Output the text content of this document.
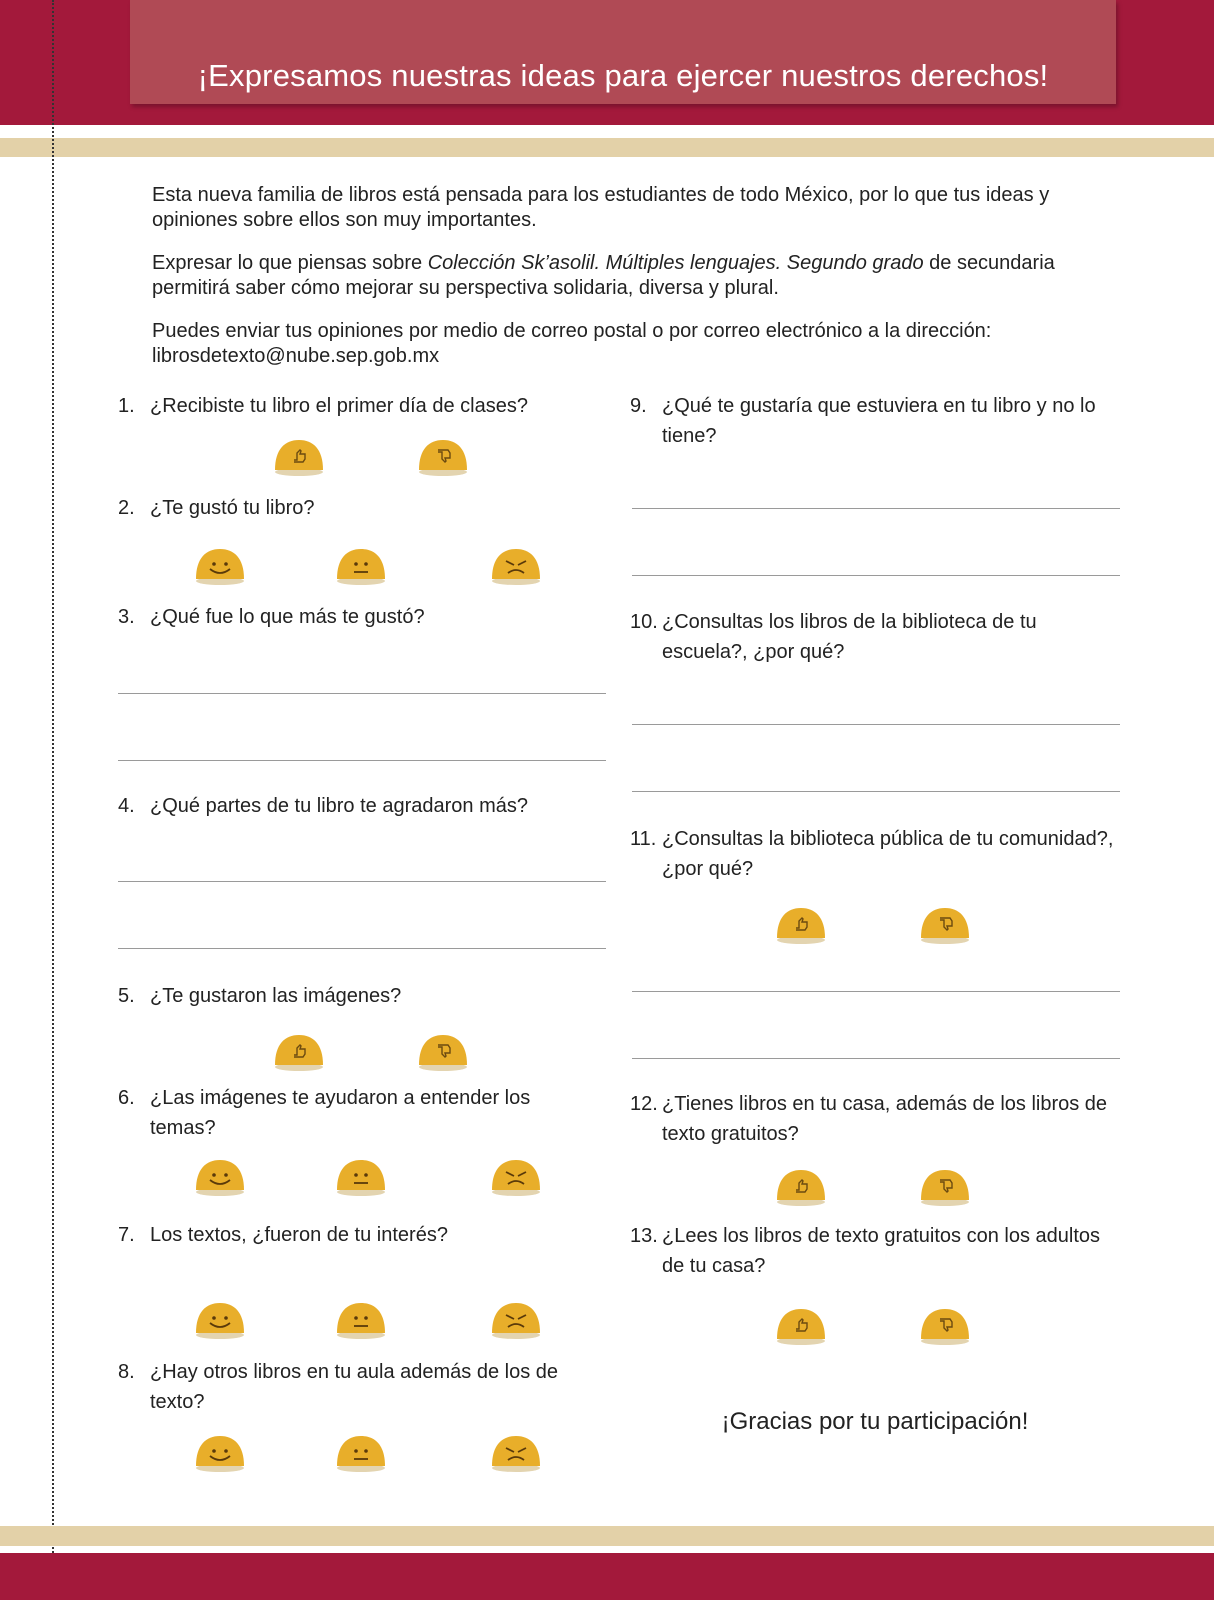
¡Expresamos nuestras ideas para ejercer nuestros derechos!

Esta nueva familia de libros está pensada para los estudiantes de todo México, por lo que tus ideas y opiniones sobre ellos son muy importantes.

Expresar lo que piensas sobre Colección Sk’asolil. Múltiples lenguajes. Segundo grado de secundaria permitirá saber cómo mejorar su perspectiva solidaria, diversa y plural.

Puedes enviar tus opiniones por medio de correo postal o por correo electrónico a la dirección: librosdetexto@nube.sep.gob.mx

1. ¿Recibiste tu libro el primer día de clases?
2. ¿Te gustó tu libro?
3. ¿Qué fue lo que más te gustó?
4. ¿Qué partes de tu libro te agradaron más?
5. ¿Te gustaron las imágenes?
6. ¿Las imágenes te ayudaron a entender los temas?
7. Los textos, ¿fueron de tu interés?
8. ¿Hay otros libros en tu aula además de los de texto?
9. ¿Qué te gustaría que estuviera en tu libro y no lo tiene?
10. ¿Consultas los libros de la biblioteca de tu escuela?, ¿por qué?
11. ¿Consultas la biblioteca pública de tu comunidad?, ¿por qué?
12. ¿Tienes libros en tu casa, además de los libros de texto gratuitos?
13. ¿Lees los libros de texto gratuitos con los adultos de tu casa?
¡Gracias por tu participación!
